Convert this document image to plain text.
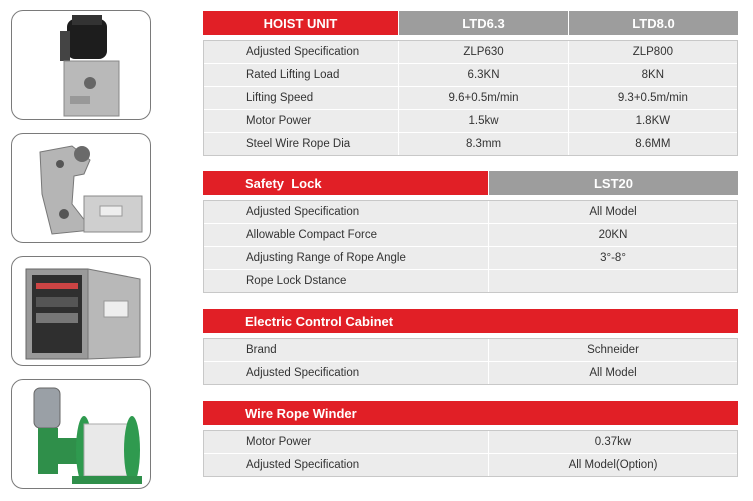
HOIST UNIT	LTD6.3	LTD8.0
Adjusted Specification	ZLP630	ZLP800
Rated Lifting Load	6.3KN	8KN
Lifting Speed	9.6+0.5m/min	9.3+0.5m/min
Motor Power	1.5kw	1.8KW
Steel Wire Rope Dia	8.3mm	8.6MM
Safety  Lock	LST20
Adjusted Specification	All Model
Allowable Compact Force	20KN
Adjusting Range of Rope Angle	3°-8°
Rope Lock Dstance
Electric Control Cabinet
Brand	Schneider
Adjusted Specification	All Model
Wire Rope Winder
Motor Power	0.37kw
Adjusted Specification	All Model(Option)
